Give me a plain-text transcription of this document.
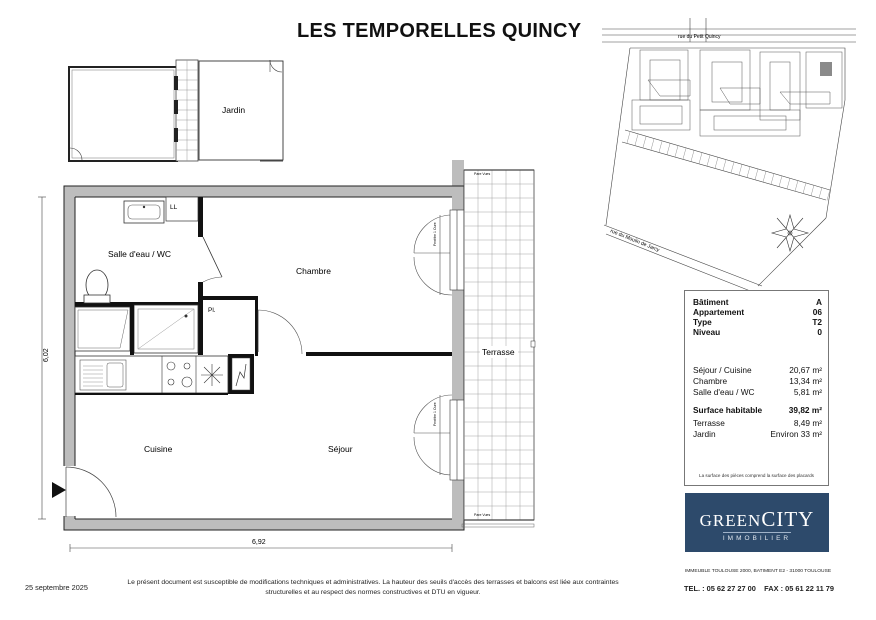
LES TEMPORELLES QUINCY
Jardin
LL
Pl.
Fenêtre 1 Oure
Fenêtre 1 Oure
Pare Vues
Pare Vues
Salle d'eau / WC
Chambre
Cuisine	Séjour
Terrasse
6,02
6,92
rue du Petit Quincy
rue du Moulin de Jarcy
Bâtiment	A
Appartement	06
Type	T2
Niveau	0
Séjour / Cuisine	20,67 m²
Chambre	13,34 m²
Salle d'eau / WC	5,81 m²
Surface habitable	39,82 m²
Terrasse	8,49 m²
Jardin	Environ 33 m²
La surface des pièces comprend la surface des placards
GREENCITY
IMMOBILIER
IMMEUBLE TOULOUSE 2000, BATIMENT E2 - 31000 TOULOUSE
TEL. : 05 62 27 27 00 FAX : 05 61 22 11 79
25 septembre 2025
Le présent document est susceptible de modifications techniques et administratives. La hauteur des seuils d'accès des terrasses et balcons est liée aux contraintes structurelles et au respect des normes constructives et DTU en vigueur.
